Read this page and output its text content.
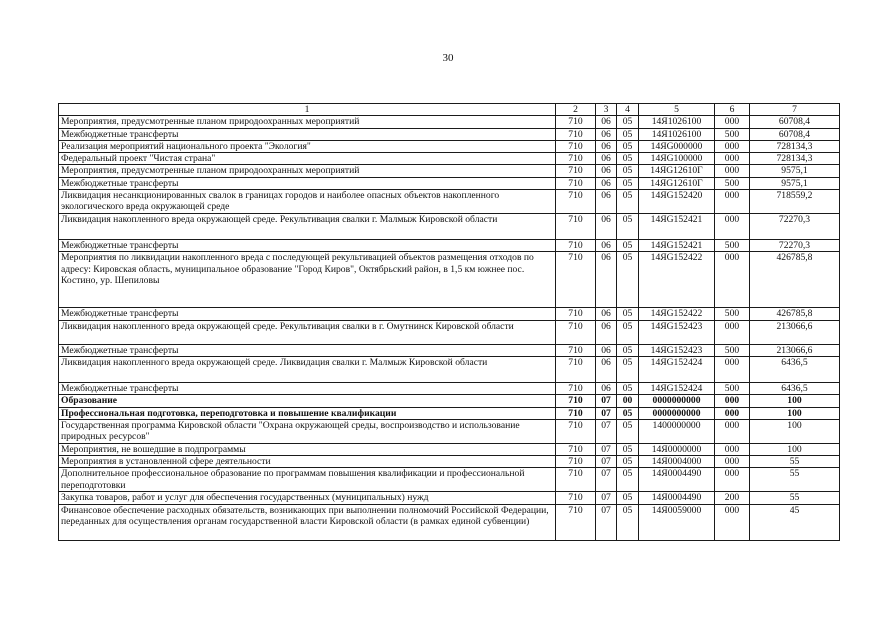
30
1	2	3	4	5	6	7
Мероприятия, предусмотренные планом природоохранных мероприятий	710	06	05	14Я1026100	000	60708,4
Межбюджетные трансферты	710	06	05	14Я1026100	500	60708,4
Реализация мероприятий национального проекта "Экология"	710	06	05	14ЯG000000	000	728134,3
Федеральный проект "Чистая страна"	710	06	05	14ЯG100000	000	728134,3
Мероприятия, предусмотренные планом природоохранных мероприятий	710	06	05	14ЯG12610Г	000	9575,1
Межбюджетные трансферты	710	06	05	14ЯG12610Г	500	9575,1
Ликвидация несанкционированных свалок в границах городов и наиболее опасных объектов накопленного экологического вреда окружающей среде	710	06	05	14ЯG152420	000	718559,2
Ликвидация накопленного вреда окружающей среде. Рекультивация свалки г. Малмыж Кировской области	710	06	05	14ЯG152421	000	72270,3
Межбюджетные трансферты	710	06	05	14ЯG152421	500	72270,3
Мероприятия по ликвидации накопленного вреда с последующей рекультивацией объектов размещения отходов по адресу: Кировская область, муниципальное образование "Город Киров", Октябрьский район, в 1,5 км южнее пос. Костино, ур. Шепиловы	710	06	05	14ЯG152422	000	426785,8
Межбюджетные трансферты	710	06	05	14ЯG152422	500	426785,8
Ликвидация накопленного вреда окружающей среде. Рекультивация свалки в г. Омутнинск Кировской области	710	06	05	14ЯG152423	000	213066,6
Межбюджетные трансферты	710	06	05	14ЯG152423	500	213066,6
Ликвидация накопленного вреда окружающей среде. Ликвидация свалки г. Малмыж Кировской области	710	06	05	14ЯG152424	000	6436,5
Межбюджетные трансферты	710	06	05	14ЯG152424	500	6436,5
Образование	710	07	00	0000000000	000	100
Профессиональная подготовка, переподготовка и повышение квалификации	710	07	05	0000000000	000	100
Государственная программа Кировской области "Охрана окружающей среды, воспроизводство и использование природных ресурсов"	710	07	05	1400000000	000	100
Мероприятия, не вошедшие в подпрограммы	710	07	05	14Я0000000	000	100
Мероприятия в установленной сфере деятельности	710	07	05	14Я0004000	000	55
Дополнительное профессиональное образование по программам повышения квалификации и профессиональной переподготовки	710	07	05	14Я0004490	000	55
Закупка товаров, работ и услуг для обеспечения государственных (муниципальных) нужд	710	07	05	14Я0004490	200	55
Финансовое обеспечение расходных обязательств, возникающих при выполнении полномочий Российской Федерации, переданных для осуществления органам государственной власти Кировской области (в рамках единой субвенции)	710	07	05	14Я0059000	000	45
